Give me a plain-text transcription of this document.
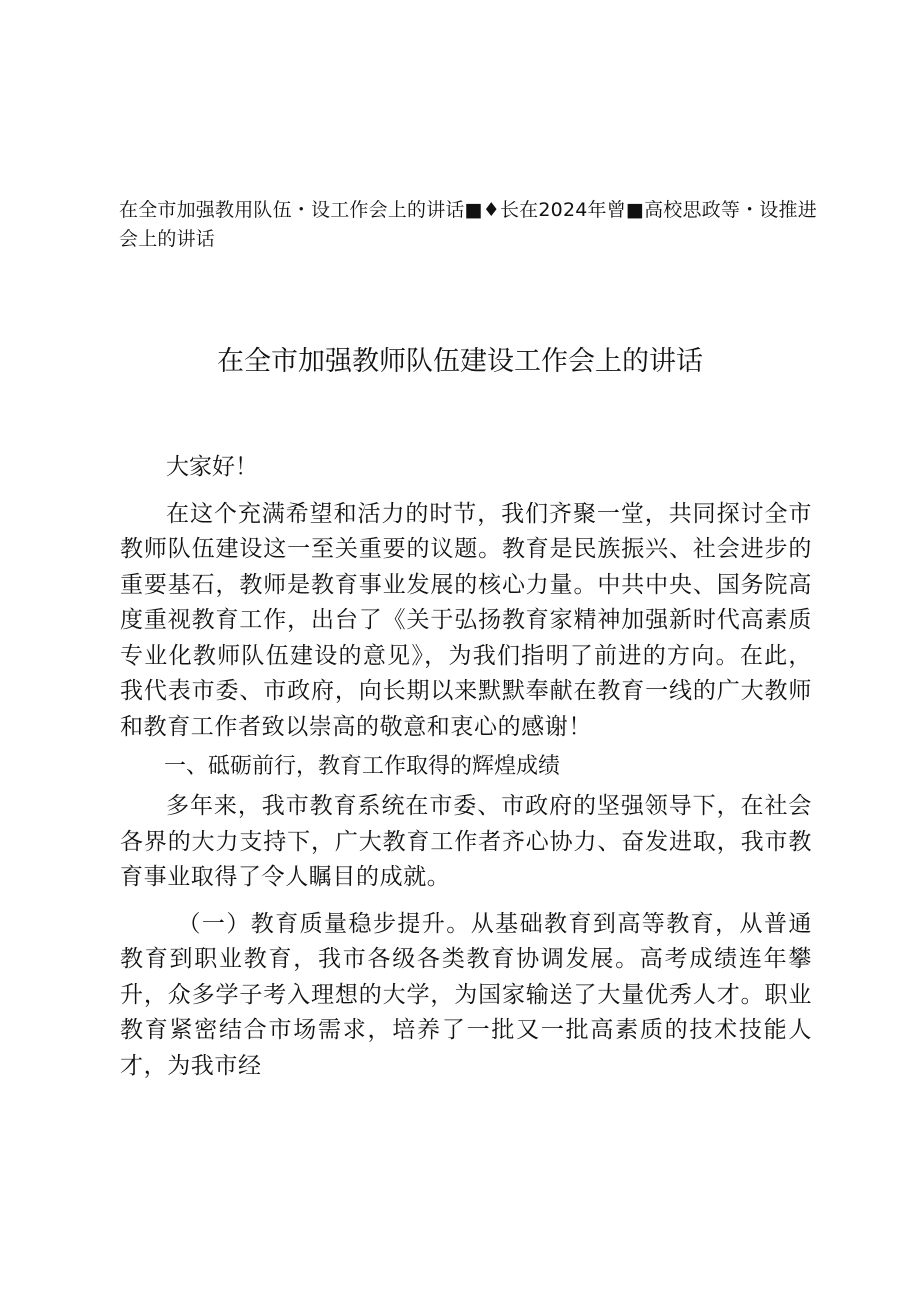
在全市加强教用队伍・设工作会上的讲话■♦长在2024年曾■高校思政等・设推进会上的讲话
在全市加强教师队伍建设工作会上的讲话

大家好！

在这个充满希望和活力的时节，我们齐聚一堂，共同探讨全市教师队伍建设这一至关重要的议题。教育是民族振兴、社会进步的重要基石，教师是教育事业发展的核心力量。中共中央、国务院高度重视教育工作，出台了《关于弘扬教育家精神加强新时代高素质专业化教师队伍建设的意见》，为我们指明了前进的方向。在此，我代表市委、市政府，向长期以来默默奉献在教育一线的广大教师和教育工作者致以崇高的敬意和衷心的感谢！

一、砥砺前行，教育工作取得的辉煌成绩

多年来，我市教育系统在市委、市政府的坚强领导下，在社会各界的大力支持下，广大教育工作者齐心协力、奋发进取，我市教育事业取得了令人瞩目的成就。

（一）教育质量稳步提升。从基础教育到高等教育，从普通教育到职业教育，我市各级各类教育协调发展。高考成绩连年攀升，众多学子考入理想的大学，为国家输送了大量优秀人才。职业教育紧密结合市场需求，培养了一批又一批高素质的技术技能人才，为我市经
